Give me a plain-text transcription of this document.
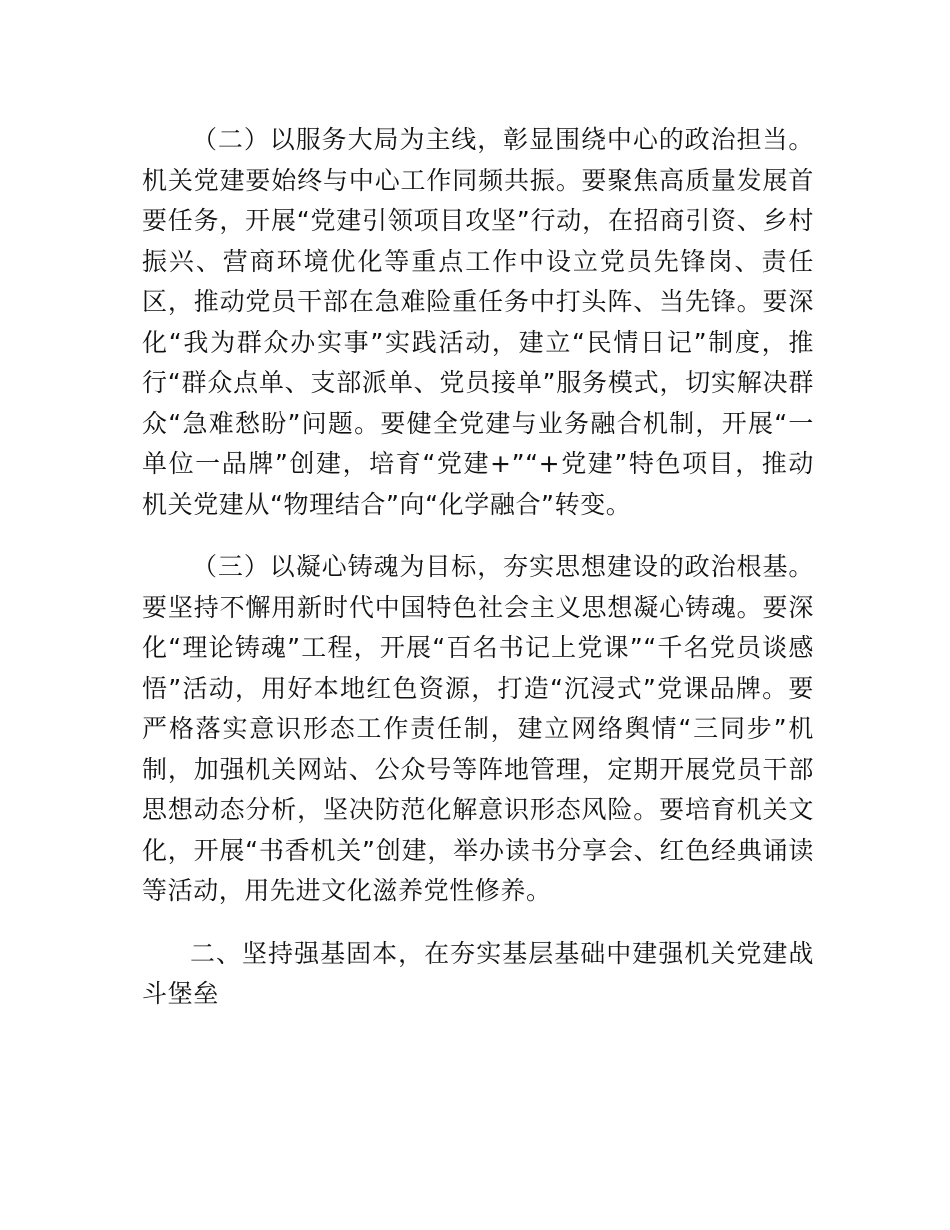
（二）以服务大局为主线，彰显围绕中心的政治担当。机关党建要始终与中心工作同频共振。要聚焦高质量发展首要任务，开展“党建引领项目攻坚”行动，在招商引资、乡村振兴、营商环境优化等重点工作中设立党员先锋岗、责任区，推动党员干部在急难险重任务中打头阵、当先锋。要深化“我为群众办实事”实践活动，建立“民情日记”制度，推行“群众点单、支部派单、党员接单”服务模式，切实解决群众“急难愁盼”问题。要健全党建与业务融合机制，开展“一单位一品牌”创建，培育“党建+”“+党建”特色项目，推动机关党建从“物理结合”向“化学融合”转变。

（三）以凝心铸魂为目标，夯实思想建设的政治根基。要坚持不懈用新时代中国特色社会主义思想凝心铸魂。要深化“理论铸魂”工程，开展“百名书记上党课”“千名党员谈感悟”活动，用好本地红色资源，打造“沉浸式”党课品牌。要严格落实意识形态工作责任制，建立网络舆情“三同步”机制，加强机关网站、公众号等阵地管理，定期开展党员干部思想动态分析，坚决防范化解意识形态风险。要培育机关文化，开展“书香机关”创建，举办读书分享会、红色经典诵读等活动，用先进文化滋养党性修养。

二、坚持强基固本，在夯实基层基础中建强机关党建战斗堡垒
